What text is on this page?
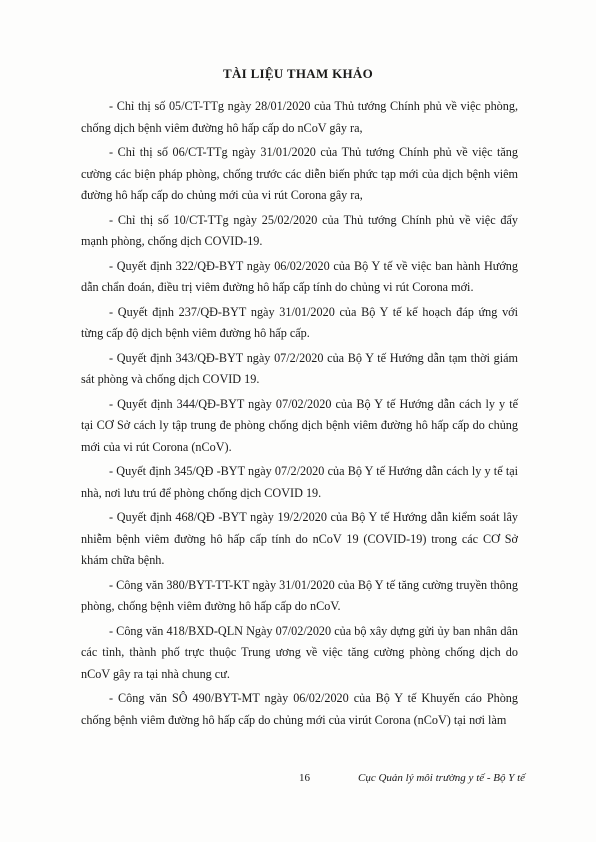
TÀI LIỆU THAM KHẢO
- Chỉ thị số 05/CT-TTg ngày 28/01/2020 của Thủ tướng Chính phủ về việc phòng, chống dịch bệnh viêm đường hô hấp cấp do nCoV gây ra,
- Chỉ thị số 06/CT-TTg ngày 31/01/2020 của Thủ tướng Chính phủ về việc tăng cường các biện pháp phòng, chống trước các diễn biến phức tạp mới của dịch bệnh viêm đường hô hấp cấp do chủng mới của vi rút Corona gây ra,
- Chỉ thị số 10/CT-TTg ngày 25/02/2020 của Thủ tướng Chính phủ về việc đẩy mạnh phòng, chống dịch COVID-19.
- Quyết định 322/QĐ-BYT ngày 06/02/2020 của Bộ Y tế về việc ban hành Hướng dẫn chẩn đoán, điều trị viêm đường hô hấp cấp tính do chủng vi rút Corona mới.
- Quyết định 237/QĐ-BYT ngày 31/01/2020 của Bộ Y tế kế hoạch đáp ứng với từng cấp độ dịch bệnh viêm đường hô hấp cấp.
- Quyết định 343/QĐ-BYT ngày 07/2/2020 của Bộ Y tế Hướng dẫn tạm thời giám sát phòng và chống dịch COVID 19.
- Quyết định 344/QĐ-BYT ngày 07/02/2020 của Bộ Y tế Hướng dẫn cách ly y tế tại CƠ Sở cách ly tập trung đe phòng chống dịch bệnh viêm đường hô hấp cấp do chủng mới của vi rút Corona (nCoV).
- Quyết định 345/QĐ -BYT ngày 07/2/2020 của Bộ Y tế Hướng dẫn cách ly y tế tại nhà, nơi lưu trú để phòng chống dịch COVID 19.
- Quyết định 468/QĐ -BYT ngày 19/2/2020 của Bộ Y tế Hướng dẫn kiểm soát lây nhiễm bệnh viêm đường hô hấp cấp tính do nCoV 19 (COVID-19) trong các CƠ Sở khám chữa bệnh.
- Công văn 380/BYT-TT-KT ngày 31/01/2020 của Bộ Y tế tăng cường truyền thông phòng, chống bệnh viêm đường hô hấp cấp do nCoV.
- Công văn 418/BXD-QLN Ngày 07/02/2020 của bộ xây dựng gửi ủy ban nhân dân các tỉnh, thành phố trực thuộc Trung ương về việc tăng cường phòng chống dịch do nCoV gây ra tại nhà chung cư.
- Công văn SÔ 490/BYT-MT ngày 06/02/2020 của Bộ Y tế Khuyến cáo Phòng chống bệnh viêm đường hô hấp cấp do chủng mới của virút Corona (nCoV) tại nơi làm
16	Cục Quản lý môi trường y tế - Bộ Y tế
